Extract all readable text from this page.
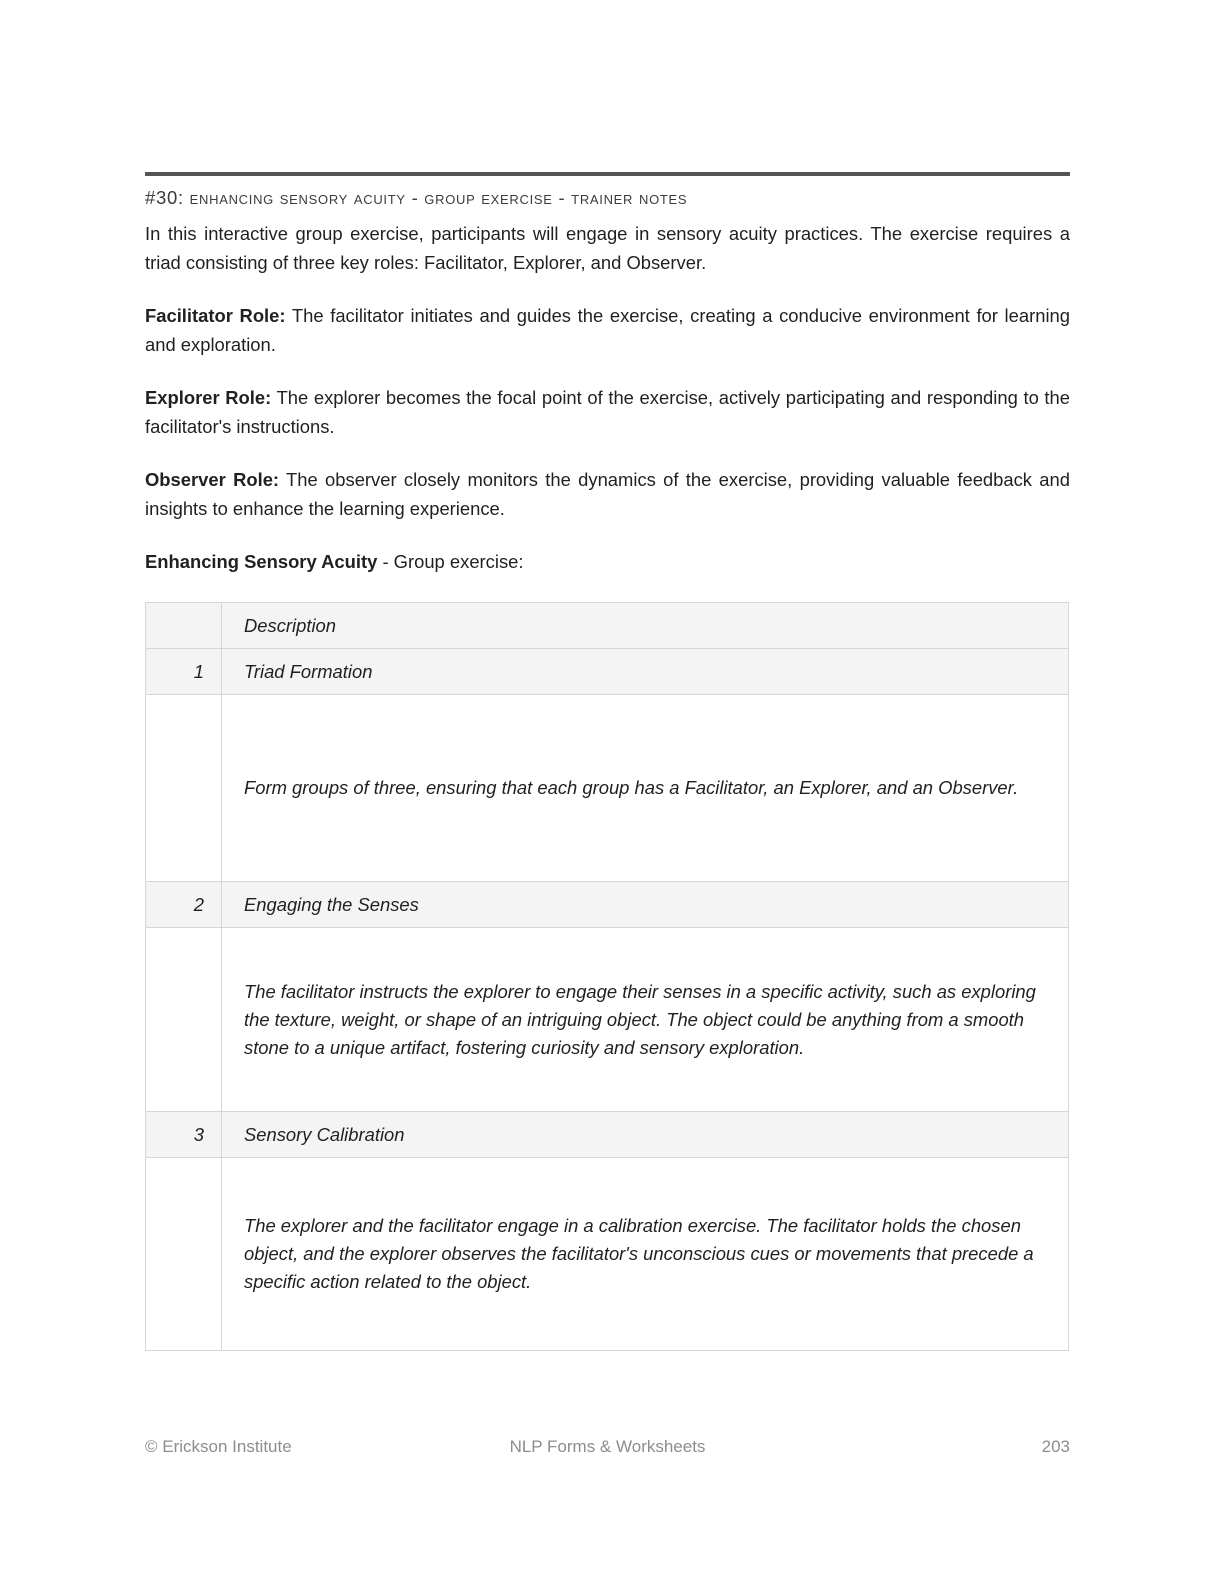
#30: enhancing sensory acuity - group exercise - trainer notes

In this interactive group exercise, participants will engage in sensory acuity practices. The exercise requires a triad consisting of three key roles: Facilitator, Explorer, and Observer.

Facilitator Role: The facilitator initiates and guides the exercise, creating a conducive environment for learning and exploration.

Explorer Role: The explorer becomes the focal point of the exercise, actively participating and responding to the facilitator's instructions.

Observer Role: The observer closely monitors the dynamics of the exercise, providing valuable feedback and insights to enhance the learning experience.

Enhancing Sensory Acuity - Group exercise:

	Description
1	Triad Formation

	Form groups of three, ensuring that each group has a Facilitator, an Explorer, and an Observer.

2	Engaging the Senses

	The facilitator instructs the explorer to engage their senses in a specific activity, such as exploring the texture, weight, or shape of an intriguing object. The object could be anything from a smooth stone to a unique artifact, fostering curiosity and sensory exploration.

3	Sensory Calibration

	The explorer and the facilitator engage in a calibration exercise. The facilitator holds the chosen object, and the explorer observes the facilitator's unconscious cues or movements that precede a specific action related to the object.
© Erickson Institute	NLP Forms & Worksheets	203
